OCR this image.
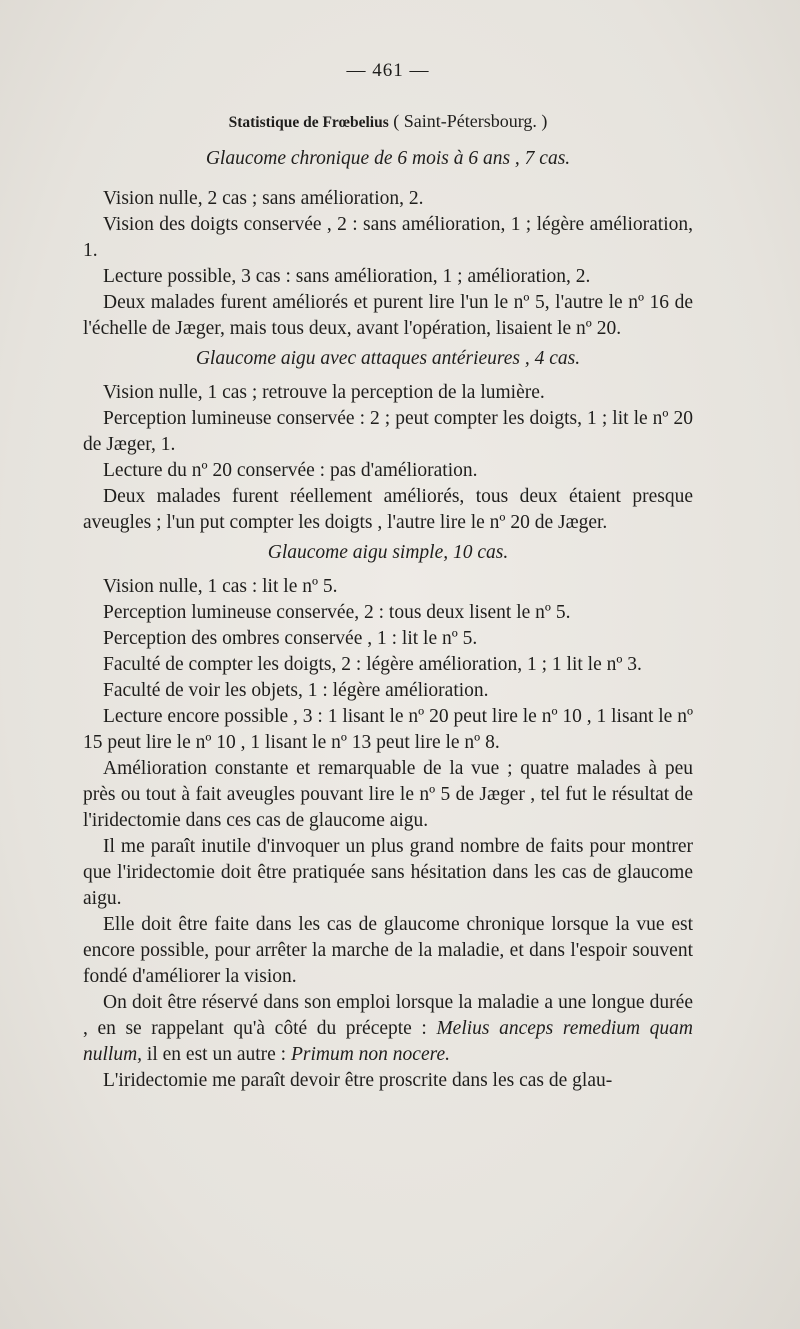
— 461 —
Statistique de Frœbelius ( Saint-Pétersbourg. )
Glaucome chronique de 6 mois à 6 ans , 7 cas.

Vision nulle, 2 cas ; sans amélioration, 2.

Vision des doigts conservée , 2 : sans amélioration, 1 ; légère amélioration, 1.

Lecture possible, 3 cas : sans amélioration, 1 ; amélioration, 2.

Deux malades furent améliorés et purent lire l'un le nº 5, l'autre le nº 16 de l'échelle de Jæger, mais tous deux, avant l'opération, lisaient le nº 20.

Glaucome aigu avec attaques antérieures , 4 cas.

Vision nulle, 1 cas ; retrouve la perception de la lumière.

Perception lumineuse conservée : 2 ; peut compter les doigts, 1 ; lit le nº 20 de Jæger, 1.

Lecture du nº 20 conservée : pas d'amélioration.

Deux malades furent réellement améliorés, tous deux étaient presque aveugles ; l'un put compter les doigts , l'autre lire le nº 20 de Jæger.

Glaucome aigu simple, 10 cas.

Vision nulle, 1 cas : lit le nº 5.

Perception lumineuse conservée, 2 : tous deux lisent le nº 5.

Perception des ombres conservée , 1 : lit le nº 5.

Faculté de compter les doigts, 2 : légère amélioration, 1 ; 1 lit le nº 3.

Faculté de voir les objets, 1 : légère amélioration.

Lecture encore possible , 3 : 1 lisant le nº 20 peut lire le nº 10 , 1 lisant le nº 15 peut lire le nº 10 , 1 lisant le nº 13 peut lire le nº 8.

Amélioration constante et remarquable de la vue ; quatre malades à peu près ou tout à fait aveugles pouvant lire le nº 5 de Jæger , tel fut le résultat de l'iridectomie dans ces cas de glaucome aigu.

Il me paraît inutile d'invoquer un plus grand nombre de faits pour montrer que l'iridectomie doit être pratiquée sans hésitation dans les cas de glaucome aigu.

Elle doit être faite dans les cas de glaucome chronique lorsque la vue est encore possible, pour arrêter la marche de la maladie, et dans l'espoir souvent fondé d'améliorer la vision.

On doit être réservé dans son emploi lorsque la maladie a une longue durée , en se rappelant qu'à côté du précepte : Melius anceps remedium quam nullum, il en est un autre : Primum non nocere.

L'iridectomie me paraît devoir être proscrite dans les cas de glau-
